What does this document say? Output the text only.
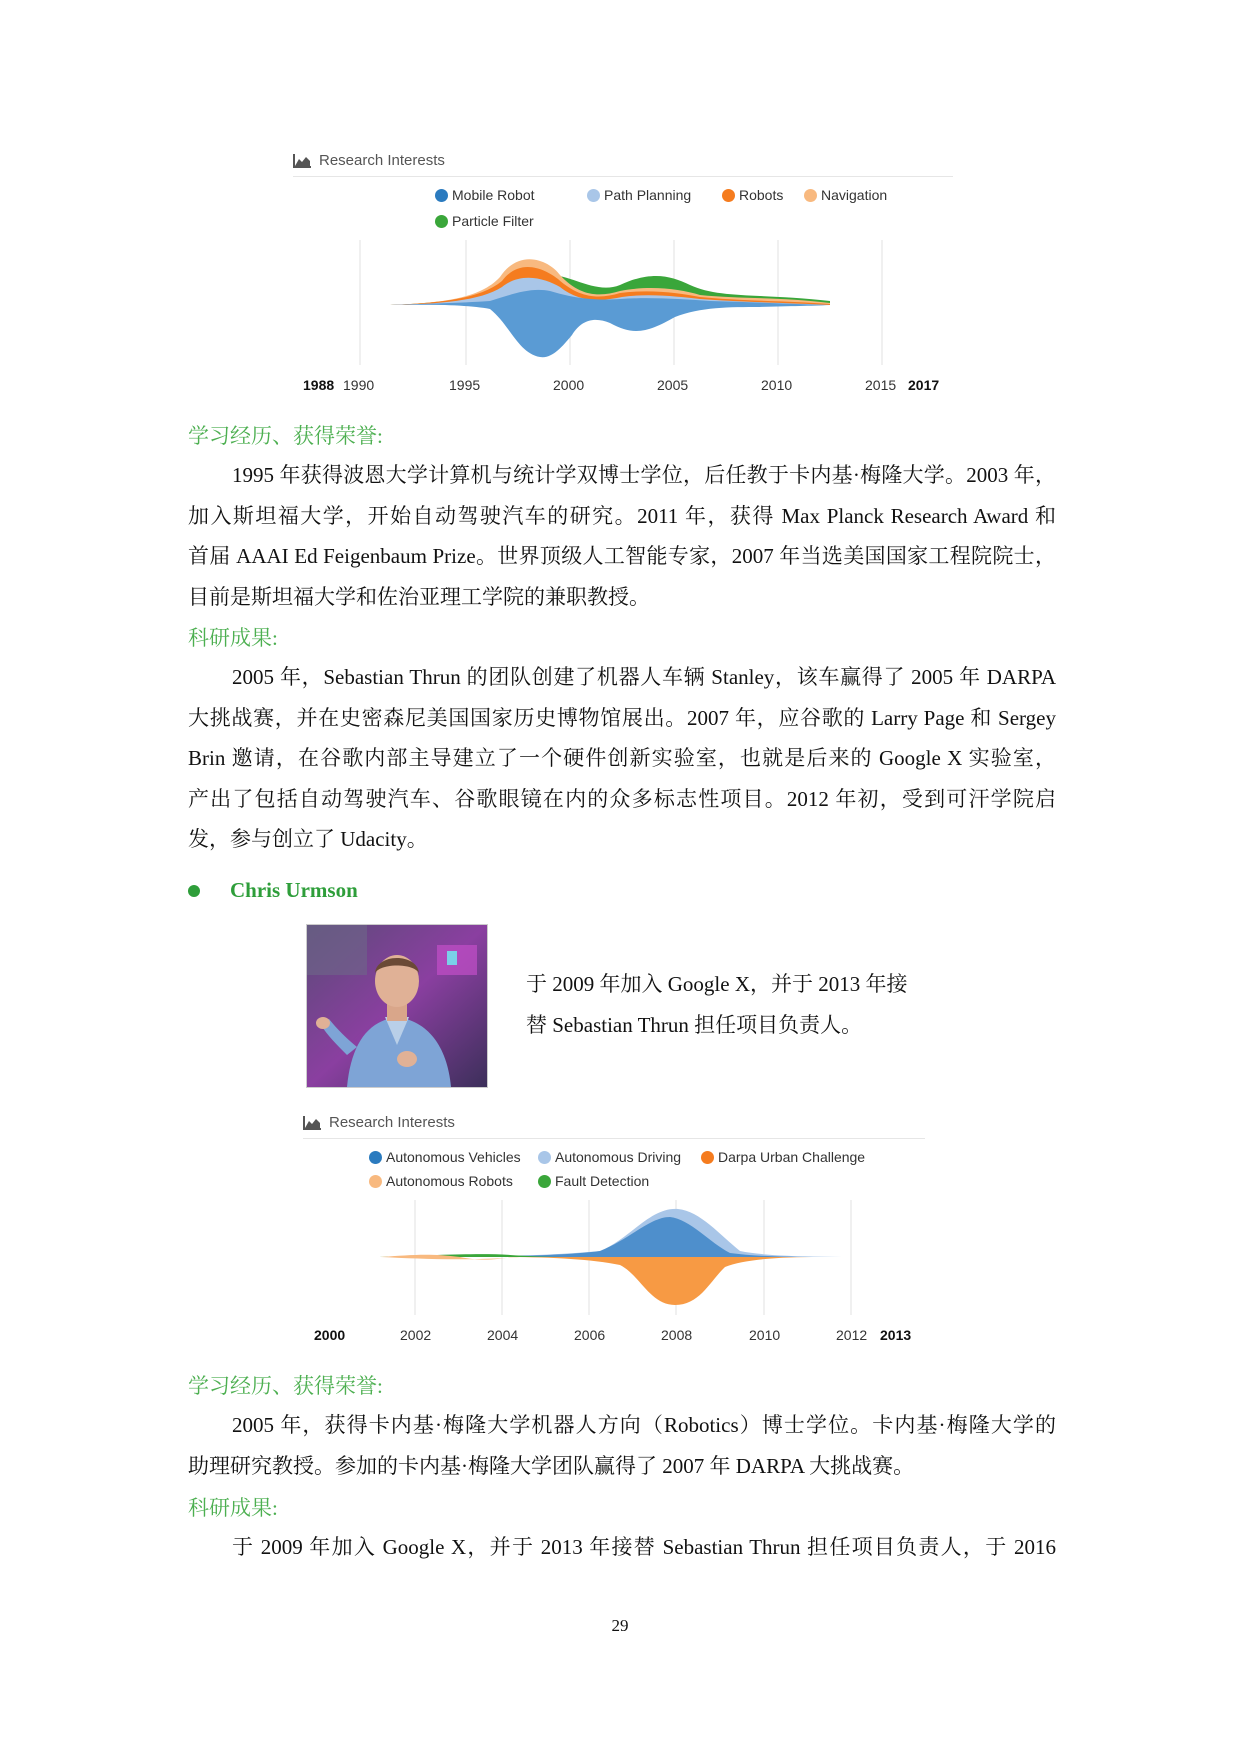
Research Interests
Mobile Robot	Path Planning	Robots	Navigation
Particle Filter
1988 1990	1995	2000	2005	2010	2015 2017
学习经历、获得荣誉:
1995 年获得波恩大学计算机与统计学双博士学位，后任教于卡内基·梅隆大学。2003 年，
加入斯坦福大学，开始自动驾驶汽车的研究。2011 年，获得 Max Planck Research Award 和
首届 AAAI Ed Feigenbaum Prize。世界顶级人工智能专家，2007 年当选美国国家工程院院士，
目前是斯坦福大学和佐治亚理工学院的兼职教授。
科研成果:
2005 年，Sebastian Thrun 的团队创建了机器人车辆 Stanley，该车赢得了 2005 年 DARPA
大挑战赛，并在史密森尼美国国家历史博物馆展出。2007 年，应谷歌的 Larry Page 和 Sergey
Brin 邀请，在谷歌内部主导建立了一个硬件创新实验室，也就是后来的 Google X 实验室，
产出了包括自动驾驶汽车、谷歌眼镜在内的众多标志性项目。2012 年初，受到可汗学院启
发，参与创立了 Udacity。
Chris Urmson
于 2009 年加入 Google X，并于 2013 年接
替 Sebastian Thrun 担任项目负责人。
Research Interests
Autonomous Vehicles Autonomous Driving	Darpa Urban Challenge
Autonomous Robots	Fault Detection
2000	2002	2004	2006	2008	2010	2012 2013
学习经历、获得荣誉:
2005 年，获得卡内基·梅隆大学机器人方向（Robotics）博士学位。卡内基·梅隆大学的
助理研究教授。参加的卡内基·梅隆大学团队赢得了 2007 年 DARPA 大挑战赛。
科研成果:
于 2009 年加入 Google X，并于 2013 年接替 Sebastian Thrun 担任项目负责人，于 2016
29
